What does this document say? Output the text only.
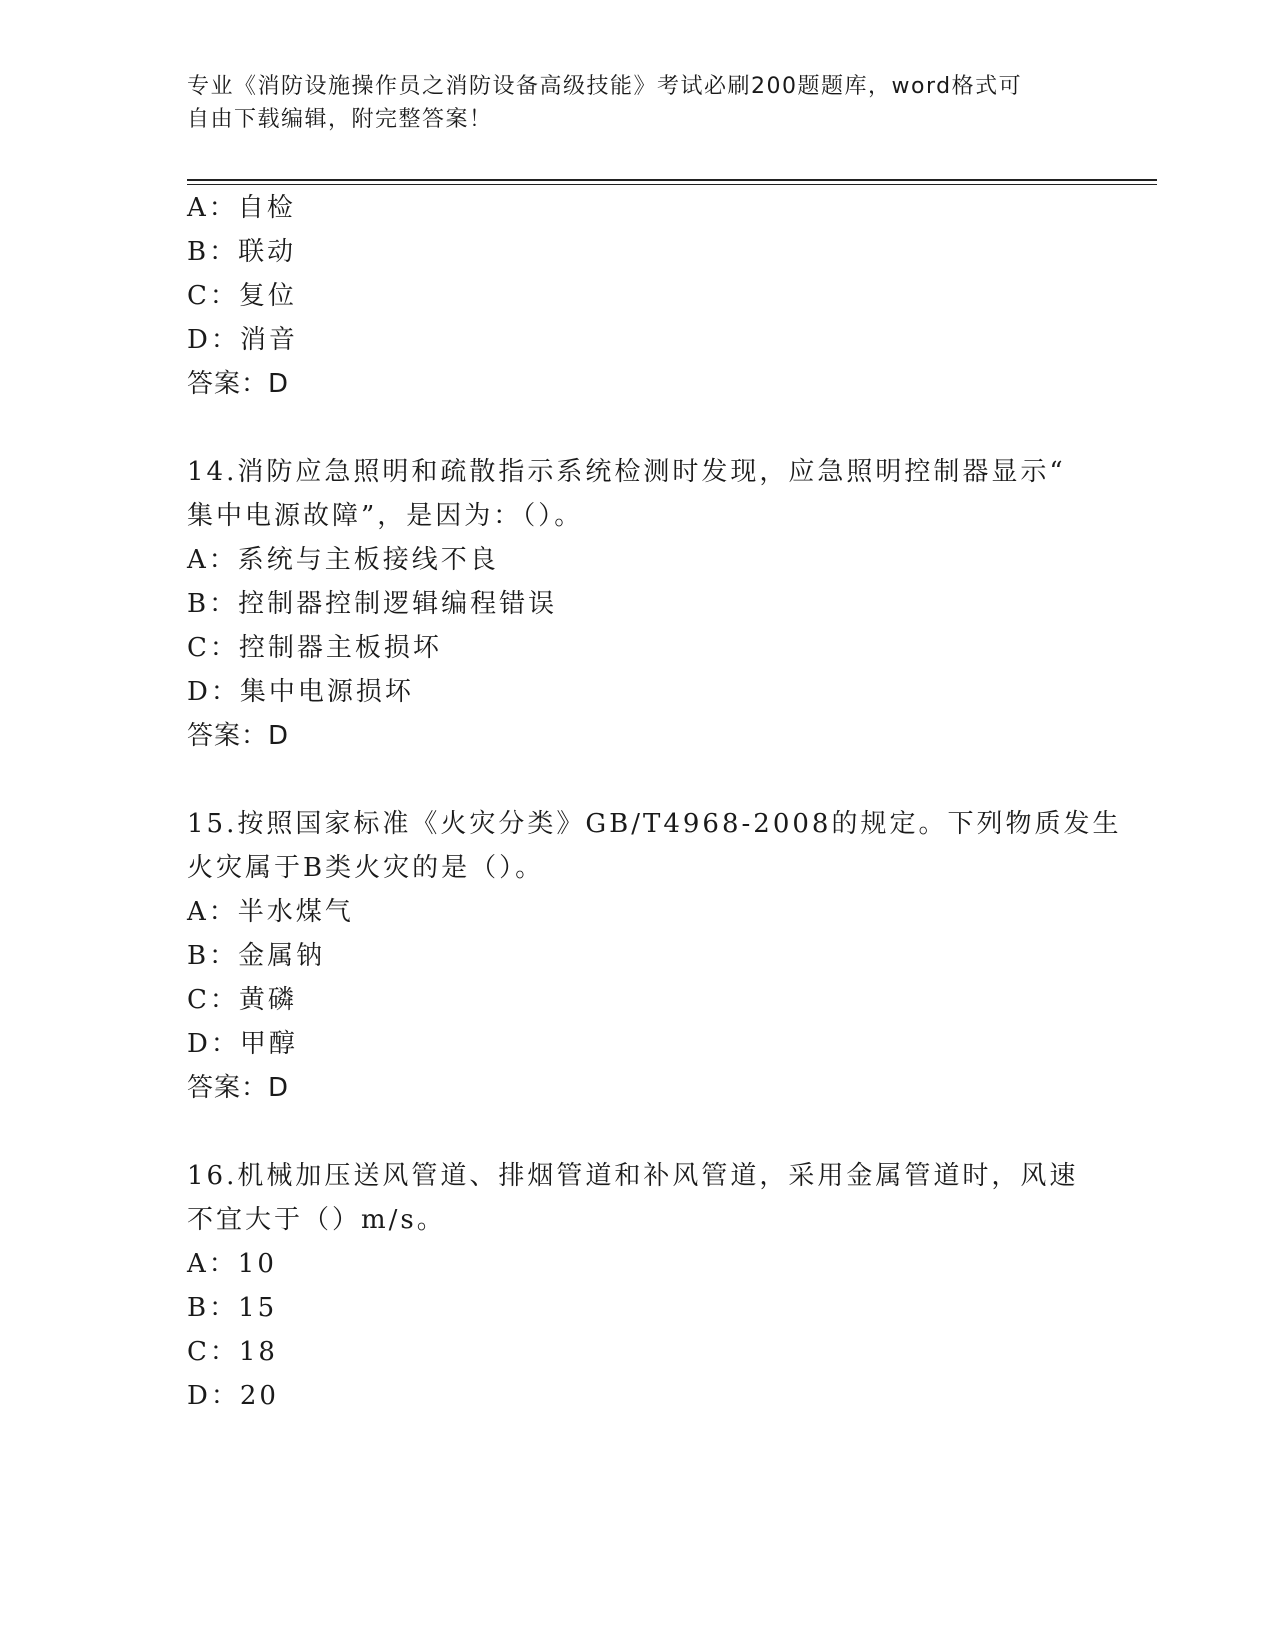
专业《消防设施操作员之消防设备高级技能》考试必刷200题题库，word格式可
自由下载编辑，附完整答案！
A：自检
B：联动
C：复位
D：消音
答案：D
14.消防应急照明和疏散指示系统检测时发现，应急照明控制器显示“
集中电源故障”，是因为：（）。
A：系统与主板接线不良
B：控制器控制逻辑编程错误
C：控制器主板损坏
D：集中电源损坏
答案：D
15.按照国家标准《火灾分类》GB/T4968-2008的规定。下列物质发生
火灾属于B类火灾的是（）。
A：半水煤气
B：金属钠
C：黄磷
D：甲醇
答案：D
16.机械加压送风管道、排烟管道和补风管道，采用金属管道时，风速
不宜大于（）m/s。
A：10
B：15
C：18
D：20
